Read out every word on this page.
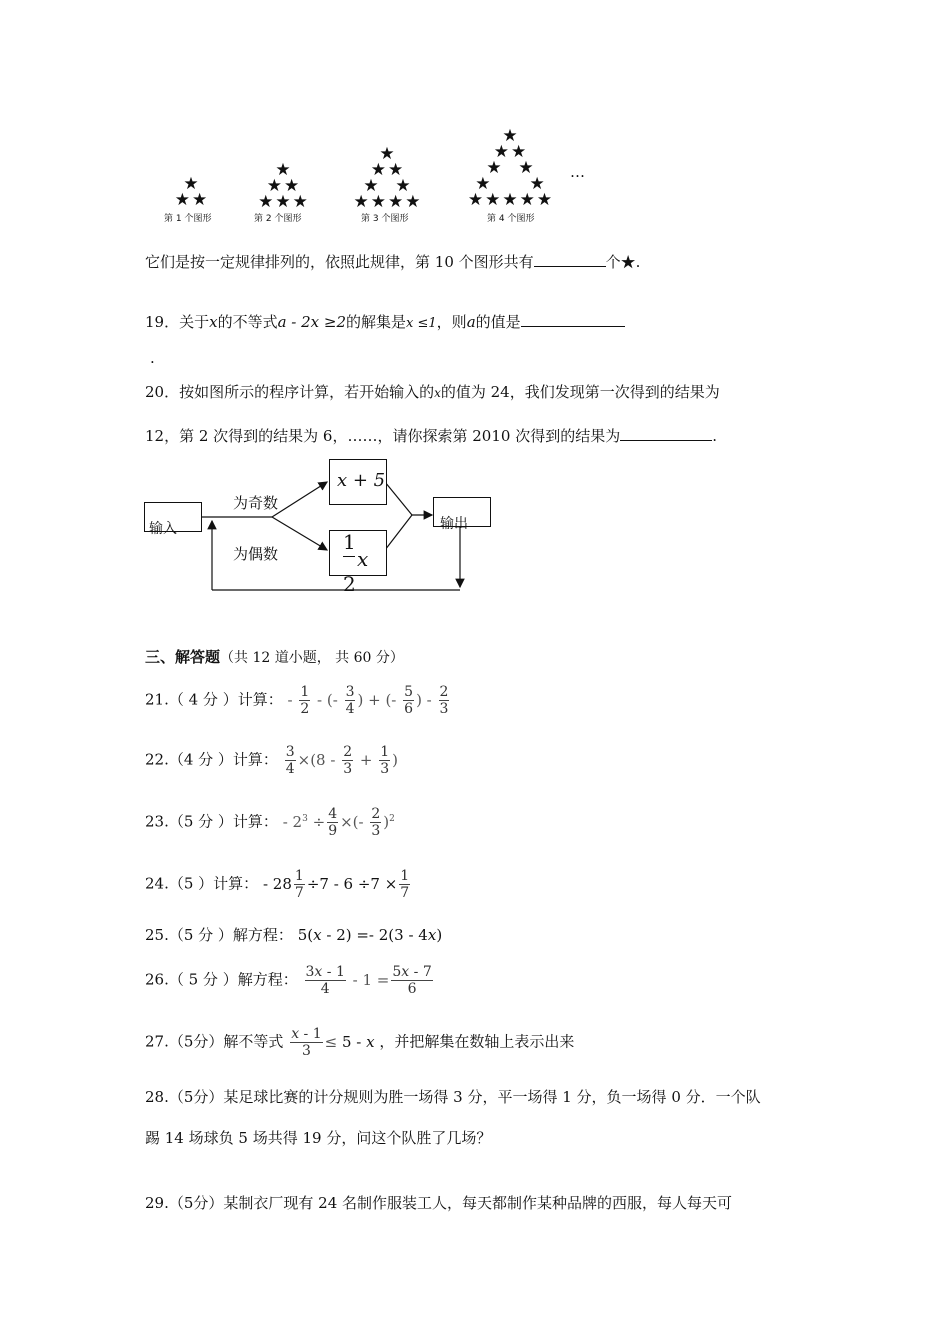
★
★★
第 1 个图形
★
★★
★★★
第 2 个图形
★
★★
★  ★
★★★★
第 3 个图形
★
★★
★  ★
★     ★
★★★★★
第 4 个图形
…
它们是按一定规律排列的，依照此规律，第 10 个图形共有	个★.
19．关于x的不等式a - 2x ≥2的解集是x ≤1，则a的值是
.
20．按如图所示的程序计算，若开始输入的x的值为 24，我们发现第一次得到的结果为
12，第 2 次得到的结果为 6，……，请你探索第 2010 次得到的结果为	.
输入
为奇数
为偶数
x + 5
1
x
2
输出
三、解答题（共 12 道小题， 共 60 分）
21.（ 4 分 ）计算： - $\frac{1}{2}$ - (- $\frac{3}{4}$ ) + (- $\frac{5}{6}$ ) - $\frac{2}{3}$
22.（4 分 ）计算： $\frac{3}{4} \times(8 - \frac{2}{3} + \frac{1}{3}$ )
23.（5 分 ）计算： - $2^3 \div \frac{4}{9}$ ×(- $\frac{2}{3} )^2$
24.（5 ）计算： - $28 \frac{1}{7} \div 7 - 6 \div 7 \times \frac{1}{7}$
25.（5 分 ）解方程： 5(x - 2) =- 2(3 - 4x)
26.（ 5 分 ）解方程： $\frac{3x - 1}{4} - 1 = \frac{5x - 7}{6}$
27.（5分）解不等式 $\frac{x - 1}{3} \le 5 - x$ ，并把解集在数轴上表示出来
28.（5分）某足球比赛的计分规则为胜一场得 3 分，平一场得 1 分，负一场得 0 分．一个队
踢 14 场球负 5 场共得 19 分，问这个队胜了几场？
29.（5分）某制衣厂现有 24 名制作服装工人，每天都制作某种品牌的西服，每人每天可
